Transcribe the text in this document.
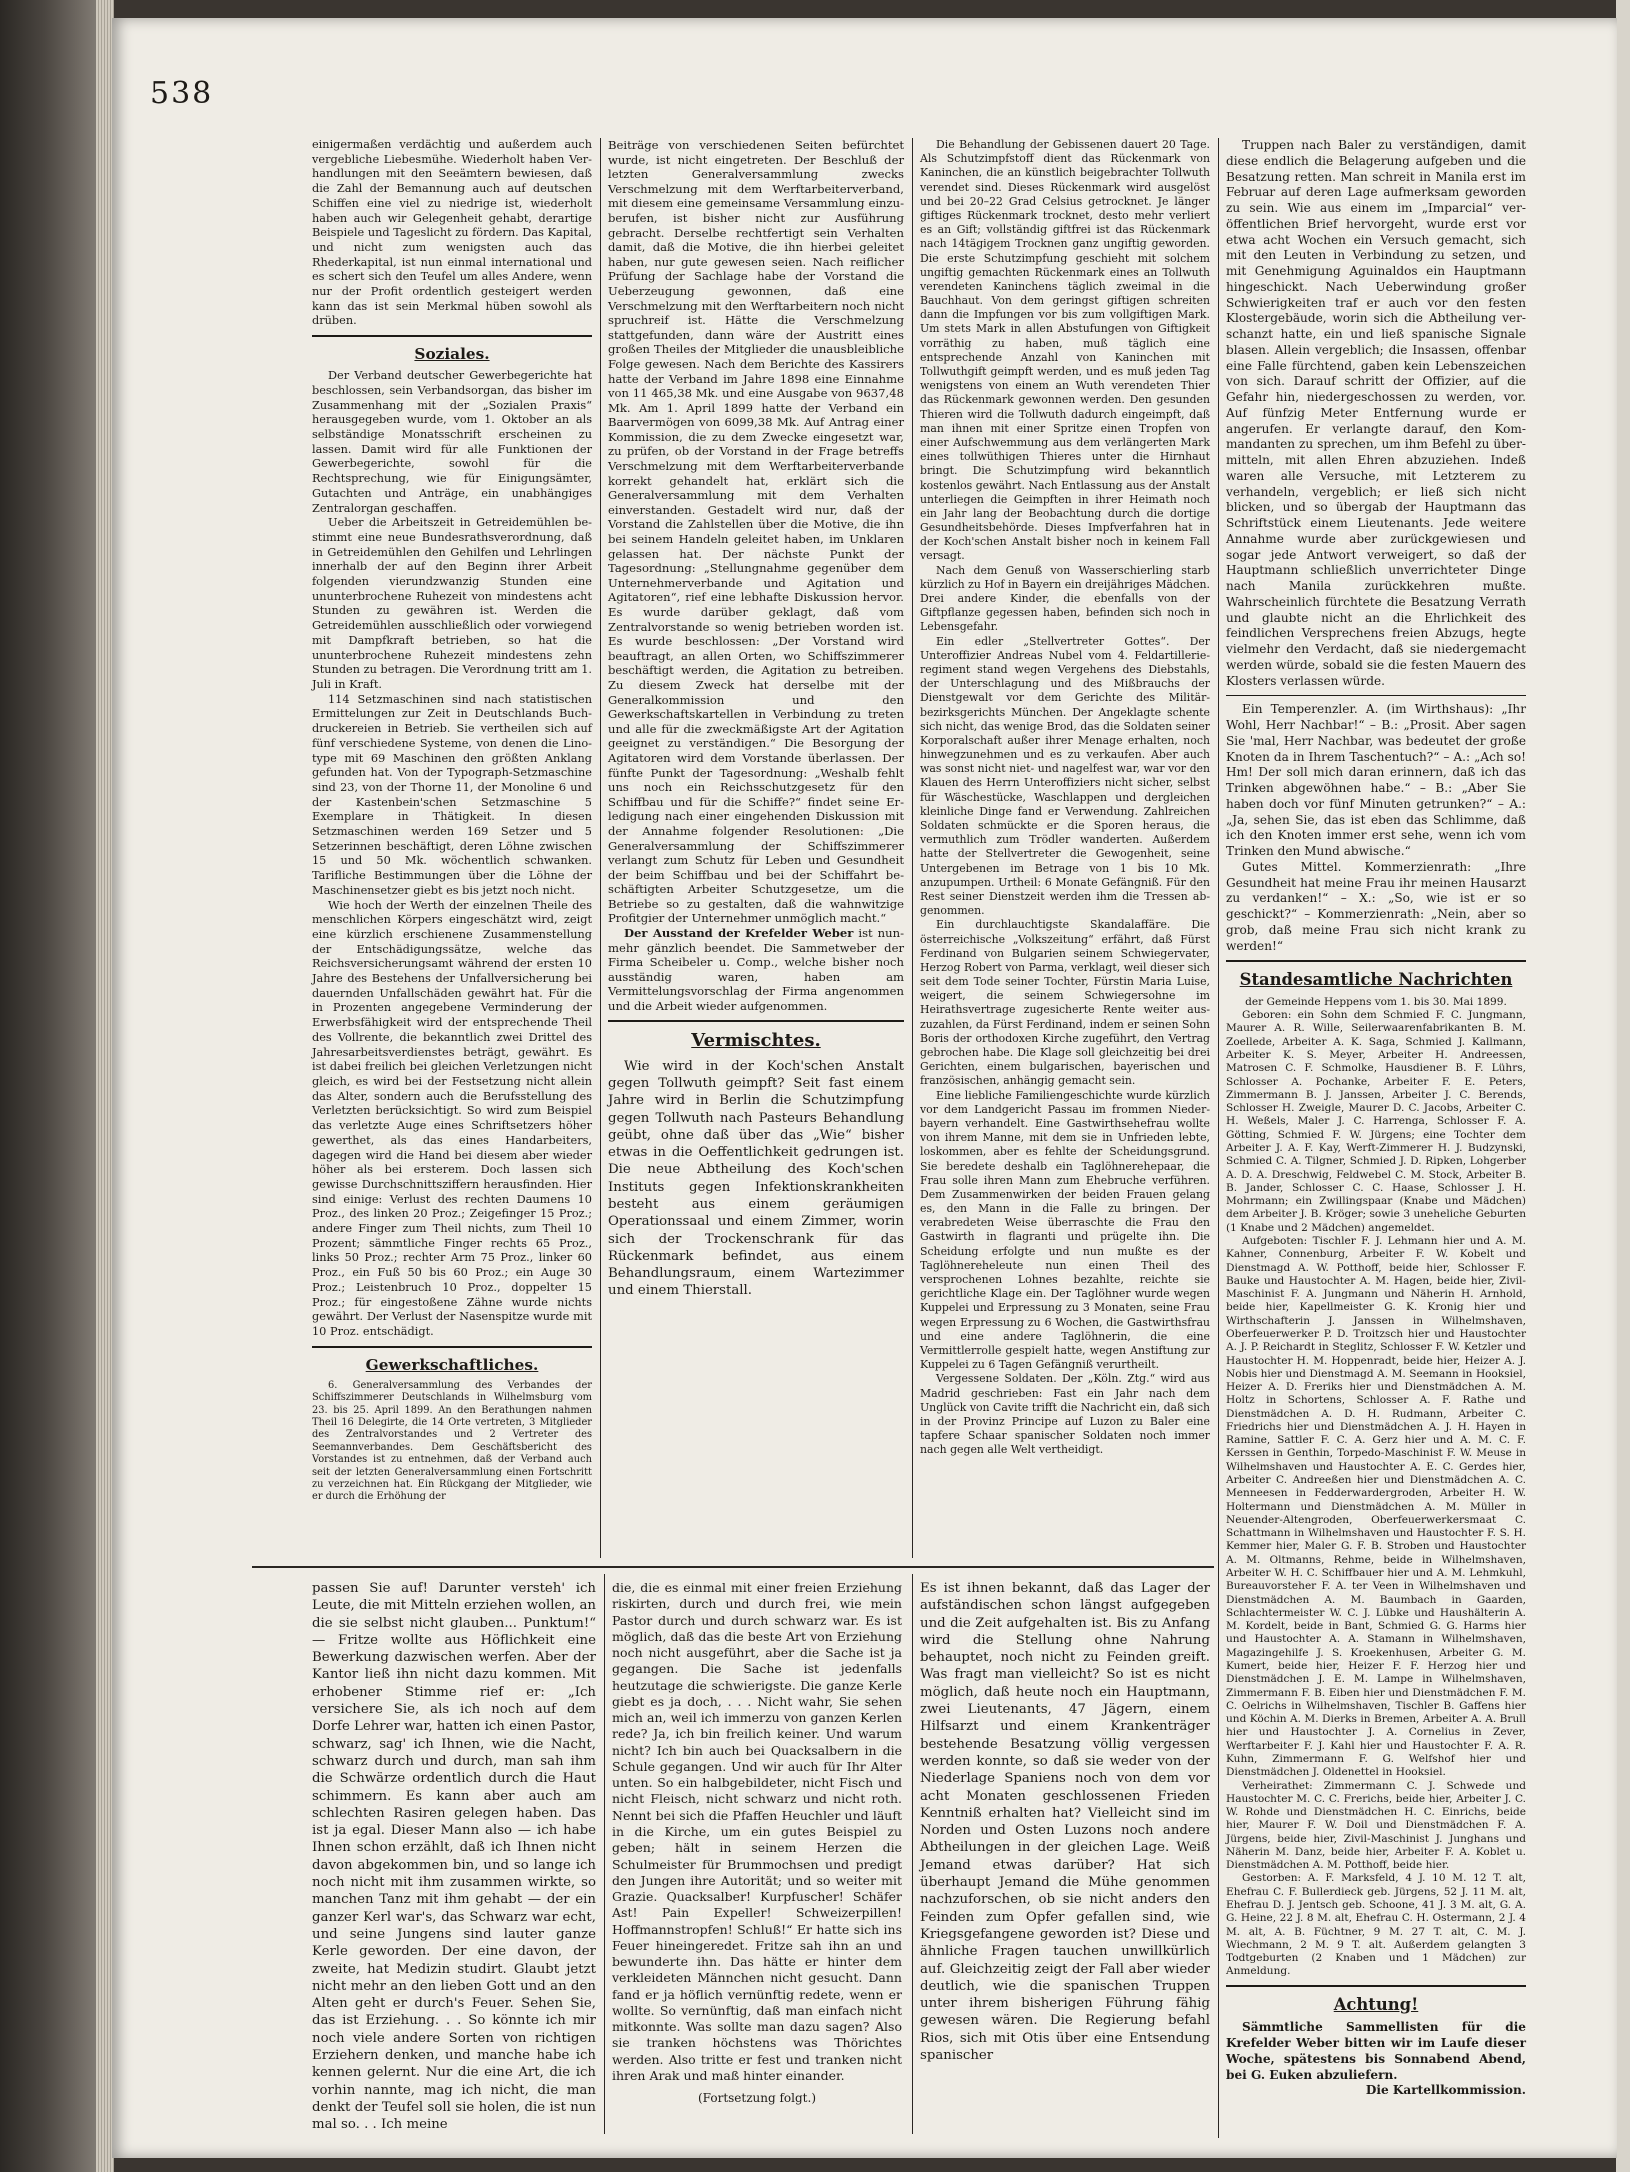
538

einigermaßen verdächtig und außerdem auch vergebliche Liebesmühe. Wiederholt haben Verhandlungen mit den Seeämtern bewiesen, daß die Zahl der Bemannung auch auf deutschen Schiffen eine viel zu niedrige ist, wiederholt haben auch wir Gelegenheit gehabt, derartige Beispiele und Tageslicht zu fördern. Das Kapital, und nicht zum wenigsten auch das Rhederkapital, ist nun einmal international und es schert sich den Teufel um alles Andere, wenn nur der Profit ordentlich gesteigert werden kann das ist sein Merkmal hüben sowohl als drüben.

Soziales.

Der Verband deutscher Gewerbegerichte hat beschlossen, sein Verbandsorgan, das bisher im Zusammenhang mit der „Sozialen Praxis“ herausgegeben wurde, vom 1. Oktober an als selbständige Monatsschrift erscheinen zu lassen. Damit wird für alle Funktionen der Gewerbegerichte, sowohl für die Rechtsprechung, wie für Einigungsämter, Gutachten und Anträge, ein unabhängiges Zentralorgan geschaffen.

Ueber die Arbeitszeit in Getreidemühlen bestimmt eine neue Bundesrathsverordnung, daß in Getreidemühlen den Gehilfen und Lehrlingen innerhalb der auf den Beginn ihrer Arbeit folgenden vierundzwanzig Stunden eine ununterbrochene Ruhezeit von mindestens acht Stunden zu gewähren ist. Werden die Getreidemühlen ausschließlich oder vorwiegend mit Dampfkraft betrieben, so hat die ununterbrochene Ruhezeit mindestens zehn Stunden zu betragen. Die Verordnung tritt am 1. Juli in Kraft.

114 Setzmaschinen sind nach statistischen Ermittelungen zur Zeit in Deutschlands Buchdruckereien in Betrieb. Sie vertheilen sich auf fünf verschiedene Systeme, von denen die Linotype mit 69 Maschinen den größten Anklang gefunden hat. Von der Typograph-Setzmaschine sind 23, von der Thorne 11, der Monoline 6 und der Kastenbein'schen Setzmaschine 5 Exemplare in Thätigkeit. In diesen Setzmaschinen werden 169 Setzer und 5 Setzerinnen beschäftigt, deren Löhne zwischen 15 und 50 Mk. wöchentlich schwanken. Tarifliche Bestimmungen über die Löhne der Maschinensetzer giebt es bis jetzt noch nicht.

Wie hoch der Werth der einzelnen Theile des menschlichen Körpers eingeschätzt wird, zeigt eine kürzlich erschienene Zusammenstellung der Entschädigungssätze, welche das Reichsversicherungsamt während der ersten 10 Jahre des Bestehens der Unfallversicherung bei dauernden Unfallschäden gewährt hat. Für die in Prozenten angegebene Verminderung der Erwerbsfähigkeit wird der entsprechende Theil des Vollrente, die bekanntlich zwei Drittel des Jahresarbeitsverdienstes beträgt, gewährt. Es ist dabei freilich bei gleichen Verletzungen nicht gleich, es wird bei der Festsetzung nicht allein das Alter, sondern auch die Berufsstellung des Verletzten berücksichtigt. So wird zum Beispiel das verletzte Auge eines Schriftsetzers höher gewerthet, als das eines Handarbeiters, dagegen wird die Hand bei diesem aber wieder höher als bei ersterem. Doch lassen sich gewisse Durchschnittsziffern herausfinden. Hier sind einige: Verlust des rechten Daumens 10 Proz., des linken 20 Proz.; Zeigefinger 15 Proz.; andere Finger zum Theil nichts, zum Theil 10 Prozent; sämmtliche Finger rechts 65 Proz., links 50 Proz.; rechter Arm 75 Proz., linker 60 Proz., ein Fuß 50 bis 60 Proz.; ein Auge 30 Proz.; Leistenbruch 10 Proz., doppelter 15 Proz.; für eingestoßene Zähne wurde nichts gewährt. Der Verlust der Nasenspitze wurde mit 10 Proz. entschädigt.

Gewerkschaftliches.

6. Generalversammlung des Verbandes der Schiffszimmerer Deutschlands in Wilhelmsburg vom 23. bis 25. April 1899. An den Berathungen nahmen Theil 16 Delegirte, die 14 Orte vertreten, 3 Mitglieder des Zentralvorstandes und 2 Vertreter des Seemannverbandes. Dem Geschäftsbericht des Vorstandes ist zu entnehmen, daß der Verband auch seit der letzten Generalversammlung einen Fortschritt zu verzeichnen hat. Ein Rückgang der Mitglieder, wie er durch die Erhöhung der

Beiträge von verschiedenen Seiten befürchtet wurde, ist nicht eingetreten. Der Beschluß der letzten Generalversammlung zwecks Verschmelzung mit dem Werftarbeiterverband, mit diesem eine gemeinsame Versammlung einzuberufen, ist bisher nicht zur Ausführung gebracht. Derselbe rechtfertigt sein Verhalten damit, daß die Motive, die ihn hierbei geleitet haben, nur gute gewesen seien. Nach reiflicher Prüfung der Sachlage habe der Vorstand die Ueberzeugung gewonnen, daß eine Verschmelzung mit den Werftarbeitern noch nicht spruchreif ist. Hätte die Verschmelzung stattgefunden, dann wäre der Austritt eines großen Theiles der Mitglieder die unausbleibliche Folge gewesen. Nach dem Berichte des Kassirers hatte der Verband im Jahre 1898 eine Einnahme von 11 465,38 Mk. und eine Ausgabe von 9637,48 Mk. Am 1. April 1899 hatte der Verband ein Baarvermögen von 6099,38 Mk. Auf Antrag einer Kommission, die zu dem Zwecke eingesetzt war, zu prüfen, ob der Vorstand in der Frage betreffs Verschmelzung mit dem Werftarbeiterverbande korrekt gehandelt hat, erklärt sich die Generalversammlung mit dem Verhalten einverstanden. Gestadelt wird nur, daß der Vorstand die Zahlstellen über die Motive, die ihn bei seinem Handeln geleitet haben, im Unklaren gelassen hat. Der nächste Punkt der Tagesordnung: „Stellungnahme gegenüber dem Unternehmerverbande und Agitation und Agitatoren“, rief eine lebhafte Diskussion hervor. Es wurde darüber geklagt, daß vom Zentralvorstande so wenig betrieben worden ist. Es wurde beschlossen: „Der Vorstand wird beauftragt, an allen Orten, wo Schiffszimmerer beschäftigt werden, die Agitation zu betreiben. Zu diesem Zweck hat derselbe mit der Generalkommission und den Gewerkschaftskartellen in Verbindung zu treten und alle für die zweckmäßigste Art der Agitation geeignet zu verständigen.“ Die Besorgung der Agitatoren wird dem Vorstande überlassen. Der fünfte Punkt der Tagesordnung: „Weshalb fehlt uns noch ein Reichsschutzgesetz für den Schiffbau und für die Schiffe?“ findet seine Erledigung nach einer eingehenden Diskussion mit der Annahme folgender Resolutionen: „Die Generalversammlung der Schiffszimmerer verlangt zum Schutz für Leben und Gesundheit der beim Schiffbau und bei der Schiffahrt beschäftigten Arbeiter Schutzgesetze, um die Betriebe so zu gestalten, daß die wahnwitzige Profitgier der Unternehmer unmöglich macht.“

Der Ausstand der Krefelder Weber ist nunmehr gänzlich beendet. Die Sammetweber der Firma Scheibeler u. Comp., welche bisher noch ausständig waren, haben am Vermittelungsvorschlag der Firma angenommen und die Arbeit wieder aufgenommen.

Vermischtes.

Wie wird in der Koch'schen Anstalt gegen Tollwuth geimpft? Seit fast einem Jahre wird in Berlin die Schutzimpfung gegen Tollwuth nach Pasteurs Behandlung geübt, ohne daß über das „Wie“ bisher etwas in die Oeffentlichkeit gedrungen ist. Die neue Abtheilung des Koch'schen Instituts gegen Infektionskrankheiten besteht aus einem geräumigen Operationssaal und einem Zimmer, worin sich der Trockenschrank für das Rückenmark befindet, aus einem Behandlungsraum, einem Wartezimmer und einem Thierstall.

Die Behandlung der Gebissenen dauert 20 Tage. Als Schutzimpfstoff dient das Rückenmark von Kaninchen, die an künstlich beigebrachter Tollwuth verendet sind. Dieses Rückenmark wird ausgelöst und bei 20–22 Grad Celsius getrocknet. Je länger giftiges Rückenmark trocknet, desto mehr verliert es an Gift; vollständig giftfrei ist das Rückenmark nach 14tägigem Trocknen ganz ungiftig geworden. Die erste Schutzimpfung geschieht mit solchem ungiftig gemachten Rückenmark eines an Tollwuth verendeten Kaninchens täglich zweimal in die Bauchhaut. Von dem geringst giftigen schreiten dann die Impfungen vor bis zum vollgiftigen Mark. Um stets Mark in allen Abstufungen von Giftigkeit vorräthig zu haben, muß täglich eine entsprechende Anzahl von Kaninchen mit Tollwuthgift geimpft werden, und es muß jeden Tag wenigstens von einem an Wuth verendeten Thier das Rückenmark gewonnen werden. Den gesunden Thieren wird die Tollwuth dadurch eingeimpft, daß man ihnen mit einer Spritze einen Tropfen von einer Aufschwemmung aus dem verlängerten Mark eines tollwüthigen Thieres unter die Hirnhaut bringt. Die Schutzimpfung wird bekanntlich kostenlos gewährt. Nach Entlassung aus der Anstalt unterliegen die Geimpften in ihrer Heimath noch ein Jahr lang der Beobachtung durch die dortige Gesundheitsbehörde. Dieses Impfverfahren hat in der Koch'schen Anstalt bisher noch in keinem Fall versagt.

Nach dem Genuß von Wasserschierling starb kürzlich zu Hof in Bayern ein dreijähriges Mädchen. Drei andere Kinder, die ebenfalls von der Giftpflanze gegessen haben, befinden sich noch in Lebensgefahr.

Ein edler „Stellvertreter Gottes“. Der Unteroffizier Andreas Nubel vom 4. Feldartillerieregiment stand wegen Vergehens des Diebstahls, der Unterschlagung und des Mißbrauchs der Dienstgewalt vor dem Gerichte des Militärbezirksgerichts München. Der Angeklagte schente sich nicht, das wenige Brod, das die Soldaten seiner Korporalschaft außer ihrer Menage erhalten, noch hinwegzunehmen und es zu verkaufen. Aber auch was sonst nicht niet- und nagelfest war, war vor den Klauen des Herrn Unteroffiziers nicht sicher, selbst für Wäschestücke, Waschlappen und dergleichen kleinliche Dinge fand er Verwendung. Zahlreichen Soldaten schmückte er die Sporen heraus, die vermuthlich zum Trödler wanderten. Außerdem hatte der Stellvertreter die Gewogenheit, seine Untergebenen im Betrage von 1 bis 10 Mk. anzupumpen. Urtheil: 6 Monate Gefängniß. Für den Rest seiner Dienstzeit werden ihm die Tressen abgenommen.

Ein durchlauchtigste Skandalaffäre. Die österreichische „Volkszeitung“ erfährt, daß Fürst Ferdinand von Bulgarien seinem Schwiegervater, Herzog Robert von Parma, verklagt, weil dieser sich seit dem Tode seiner Tochter, Fürstin Maria Luise, weigert, die seinem Schwiegersohne im Heirathsvertrage zugesicherte Rente weiter auszuzahlen, da Fürst Ferdinand, indem er seinen Sohn Boris der orthodoxen Kirche zugeführt, den Vertrag gebrochen habe. Die Klage soll gleichzeitig bei drei Gerichten, einem bulgarischen, bayerischen und französischen, anhängig gemacht sein.

Eine liebliche Familiengeschichte wurde kürzlich vor dem Landgericht Passau im frommen Niederbayern verhandelt. Eine Gastwirthsehefrau wollte von ihrem Manne, mit dem sie in Unfrieden lebte, loskommen, aber es fehlte der Scheidungsgrund. Sie beredete deshalb ein Taglöhnerehepaar, die Frau solle ihren Mann zum Ehebruche verführen. Dem Zusammenwirken der beiden Frauen gelang es, den Mann in die Falle zu bringen. Der verabredeten Weise überraschte die Frau den Gastwirth in flagranti und prügelte ihn. Die Scheidung erfolgte und nun mußte es der Taglöhnereheleute nun einen Theil des versprochenen Lohnes bezahlte, reichte sie gerichtliche Klage ein. Der Taglöhner wurde wegen Kuppelei und Erpressung zu 3 Monaten, seine Frau wegen Erpressung zu 6 Wochen, die Gastwirthsfrau und eine andere Taglöhnerin, die eine Vermittlerrolle gespielt hatte, wegen Anstiftung zur Kuppelei zu 6 Tagen Gefängniß verurtheilt.

Vergessene Soldaten. Der „Köln. Ztg.“ wird aus Madrid geschrieben: Fast ein Jahr nach dem Unglück von Cavite trifft die Nachricht ein, daß sich in der Provinz Principe auf Luzon zu Baler eine tapfere Schaar spanischer Soldaten noch immer nach gegen alle Welt vertheidigt.

Truppen nach Baler zu verständigen, damit diese endlich die Belagerung aufgeben und die Besatzung retten. Man schreit in Manila erst im Februar auf deren Lage aufmerksam geworden zu sein. Wie aus einem im „Imparcial“ veröffentlichen Brief hervorgeht, wurde erst vor etwa acht Wochen ein Versuch gemacht, sich mit den Leuten in Verbindung zu setzen, und mit Genehmigung Aguinaldos ein Hauptmann hingeschickt. Nach Ueberwindung großer Schwierigkeiten traf er auch vor den festen Klostergebäude, worin sich die Abtheilung verschanzt hatte, ein und ließ spanische Signale blasen. Allein vergeblich; die Insassen, offenbar eine Falle fürchtend, gaben kein Lebenszeichen von sich. Darauf schritt der Offizier, auf die Gefahr hin, niedergeschossen zu werden, vor. Auf fünfzig Meter Entfernung wurde er angerufen. Er verlangte darauf, den Kommandanten zu sprechen, um ihm Befehl zu übermitteln, mit allen Ehren abzuziehen. Indeß waren alle Versuche, mit Letzterem zu verhandeln, vergeblich; er ließ sich nicht blicken, und so übergab der Hauptmann das Schriftstück einem Lieutenants. Jede weitere Annahme wurde aber zurückgewiesen und sogar jede Antwort verweigert, so daß der Hauptmann schließlich unverrichteter Dinge nach Manila zurückkehren mußte. Wahrscheinlich fürchtete die Besatzung Verrath und glaubte nicht an die Ehrlichkeit des feindlichen Versprechens freien Abzugs, hegte vielmehr den Verdacht, daß sie niedergemacht werden würde, sobald sie die festen Mauern des Klosters verlassen würde.

Ein Temperenzler. A. (im Wirthshaus): „Ihr Wohl, Herr Nachbar!“ – B.: „Prosit. Aber sagen Sie 'mal, Herr Nachbar, was bedeutet der große Knoten da in Ihrem Taschentuch?“ – A.: „Ach so! Hm! Der soll mich daran erinnern, daß ich das Trinken abgewöhnen habe.“ – B.: „Aber Sie haben doch vor fünf Minuten getrunken?“ – A.: „Ja, sehen Sie, das ist eben das Schlimme, daß ich den Knoten immer erst sehe, wenn ich vom Trinken den Mund abwische.“

Gutes Mittel. Kommerzienrath: „Ihre Gesundheit hat meine Frau ihr meinen Hausarzt zu verdanken!“ – X.: „So, wie ist er so geschickt?“ – Kommerzienrath: „Nein, aber so grob, daß meine Frau sich nicht krank zu werden!“

Standesamtliche Nachrichten

der Gemeinde Heppens vom 1. bis 30. Mai 1899.

Geboren: ein Sohn dem Schmied F. C. Jungmann, Maurer A. R. Wille, Seilerwaarenfabrikanten B. M. Zoellede, Arbeiter A. K. Saga, Schmied J. Kallmann, Arbeiter K. S. Meyer, Arbeiter H. Andreessen, Matrosen C. F. Schmolke, Hausdiener B. F. Lührs, Schlosser A. Pochanke, Arbeiter F. E. Peters, Zimmermann B. J. Janssen, Arbeiter J. C. Berends, Schlosser H. Zweigle, Maurer D. C. Jacobs, Arbeiter C. H. Weßels, Maler J. C. Harrenga, Schlosser F. A. Götting, Schmied F. W. Jürgens; eine Tochter dem Arbeiter J. A. F. Kay, Werft-Zimmerer H. J. Budzynski, Schmied C. A. Tilgner, Schmied J. D. Ripken, Lohgerber A. D. A. Dreschwig, Feldwebel C. M. Stock, Arbeiter B. B. Jander, Schlosser C. C. Haase, Schlosser J. H. Mohrmann; ein Zwillingspaar (Knabe und Mädchen) dem Arbeiter J. B. Kröger; sowie 3 uneheliche Geburten (1 Knabe und 2 Mädchen) angemeldet.

Aufgeboten: Tischler F. J. Lehmann hier und A. M. Kahner, Connenburg, Arbeiter F. W. Kobelt und Dienstmagd A. W. Potthoff, beide hier, Schlosser F. Bauke und Haustochter A. M. Hagen, beide hier, Zivil-Maschinist F. A. Jungmann und Näherin H. Arnhold, beide hier, Kapellmeister G. K. Kronig hier und Wirthschafterin J. Janssen in Wilhelmshaven, Oberfeuerwerker P. D. Troitzsch hier und Haustochter A. J. P. Reichardt in Steglitz, Schlosser F. W. Ketzler und Haustochter H. M. Hoppenradt, beide hier, Heizer A. J. Nobis hier und Dienstmagd A. M. Seemann in Hooksiel, Heizer A. D. Freriks hier und Dienstmädchen A. M. Holtz in Schortens, Schlosser A. F. Rathe und Dienstmädchen A. D. H. Rudmann, Arbeiter C. Friedrichs hier und Dienstmädchen A. J. H. Hayen in Ramine, Sattler F. C. A. Gerz hier und A. M. C. F. Kerssen in Genthin, Torpedo-Maschinist F. W. Meuse in Wilhelmshaven und Haustochter A. E. C. Gerdes hier, Arbeiter C. Andreeßen hier und Dienstmädchen A. C. Menneesen in Fedderwardergroden, Arbeiter H. W. Holtermann und Dienstmädchen A. M. Müller in Neuender-Altengroden, Oberfeuerwerkersmaat C. Schattmann in Wilhelmshaven und Haustochter F. S. H. Kemmer hier, Maler G. F. B. Stroben und Haustochter A. M. Oltmanns, Rehme, beide in Wilhelmshaven, Arbeiter W. H. C. Schiffbauer hier und A. M. Lehmkuhl, Bureauvorsteher F. A. ter Veen in Wilhelmshaven und Dienstmädchen A. M. Baumbach in Gaarden, Schlachtermeister W. C. J. Lübke und Haushälterin A. M. Kordelt, beide in Bant, Schmied G. G. Harms hier und Haustochter A. A. Stamann in Wilhelmshaven, Magazingehilfe J. S. Kroekenhusen, Arbeiter G. M. Kumert, beide hier, Heizer F. F. Herzog hier und Dienstmädchen J. E. M. Lampe in Wilhelmshaven, Zimmermann F. B. Eiben hier und Dienstmädchen F. M. C. Oelrichs in Wilhelmshaven, Tischler B. Gaffens hier und Köchin A. M. Dierks in Bremen, Arbeiter A. A. Brull hier und Haustochter J. A. Cornelius in Zever, Werftarbeiter F. J. Kahl hier und Haustochter F. A. R. Kuhn, Zimmermann F. G. Welfshof hier und Dienstmädchen J. Oldenettel in Hooksiel.

Verheirathet: Zimmermann C. J. Schwede und Haustochter M. C. C. Frerichs, beide hier, Arbeiter J. C. W. Rohde und Dienstmädchen H. C. Einrichs, beide hier, Maurer F. W. Doil und Dienstmädchen F. A. Jürgens, beide hier, Zivil-Maschinist J. Junghans und Näherin M. Danz, beide hier, Arbeiter F. A. Koblet u. Dienstmädchen A. M. Potthoff, beide hier.

Gestorben: A. F. Marksfeld, 4 J. 10 M. 12 T. alt, Ehefrau C. F. Bullerdieck geb. Jürgens, 52 J. 11 M. alt, Ehefrau D. J. Jentsch geb. Schoone, 41 J. 3 M. alt, G. A. G. Heine, 22 J. 8 M. alt, Ehefrau C. H. Ostermann, 2 J. 4 M. alt, A. B. Füchtner, 9 M. 27 T. alt, C. M. J. Wiechmann, 2 M. 9 T. alt. Außerdem gelangten 3 Todtgeburten (2 Knaben und 1 Mädchen) zur Anmeldung.

Achtung!

Sämmtliche Sammellisten für die Krefelder Weber bitten wir im Laufe dieser Woche, spätestens bis Sonnabend Abend, bei G. Euken abzuliefern.

Die Kartellkommission.

passen Sie auf! Darunter versteh' ich Leute, die mit Mitteln erziehen wollen, an die sie selbst nicht glauben... Punktum!“ — Fritze wollte aus Höflichkeit eine Bewerkung dazwischen werfen. Aber der Kantor ließ ihn nicht dazu kommen. Mit erhobener Stimme rief er: „Ich versichere Sie, als ich noch auf dem Dorfe Lehrer war, hatten ich einen Pastor, schwarz, sag' ich Ihnen, wie die Nacht, schwarz durch und durch, man sah ihm die Schwärze ordentlich durch die Haut schimmern. Es kann aber auch am schlechten Rasiren gelegen haben. Das ist ja egal. Dieser Mann also — ich habe Ihnen schon erzählt, daß ich Ihnen nicht davon abgekommen bin, und so lange ich noch nicht mit ihm zusammen wirkte, so manchen Tanz mit ihm gehabt — der ein ganzer Kerl war's, das Schwarz war echt, und seine Jungens sind lauter ganze Kerle geworden. Der eine davon, der zweite, hat Medizin studirt. Glaubt jetzt nicht mehr an den lieben Gott und an den Alten geht er durch's Feuer. Sehen Sie, das ist Erziehung. . . So könnte ich mir noch viele andere Sorten von richtigen Erziehern denken, und manche habe ich kennen gelernt. Nur die eine Art, die ich vorhin nannte, mag ich nicht, die man denkt der Teufel soll sie holen, die ist nun mal so. . . Ich meine

die, die es einmal mit einer freien Erziehung riskirten, durch und durch frei, wie mein Pastor durch und durch schwarz war. Es ist möglich, daß das die beste Art von Erziehung noch nicht ausgeführt, aber die Sache ist ja gegangen. Die Sache ist jedenfalls heutzutage die schwierigste. Die ganze Kerle giebt es ja doch, . . . Nicht wahr, Sie sehen mich an, weil ich immerzu von ganzen Kerlen rede? Ja, ich bin freilich keiner. Und warum nicht? Ich bin auch bei Quacksalbern in die Schule gegangen. Und wir auch für Ihr Alter unten. So ein halbgebildeter, nicht Fisch und nicht Fleisch, nicht schwarz und nicht roth. Nennt bei sich die Pfaffen Heuchler und läuft in die Kirche, um ein gutes Beispiel zu geben; hält in seinem Herzen die Schulmeister für Brummochsen und predigt den Jungen ihre Autorität; und so weiter mit Grazie. Quacksalber! Kurpfuscher! Schäfer Ast! Pain Expeller! Schweizerpillen! Hoffmannstropfen! Schluß!“ Er hatte sich ins Feuer hineingeredet. Fritze sah ihn an und bewunderte ihn. Das hätte er hinter dem verkleideten Männchen nicht gesucht. Dann fand er ja höflich vernünftig redete, wenn er wollte. So vernünftig, daß man einfach nicht mitkonnte. Was sollte man dazu sagen? Also sie tranken höchstens was Thörichtes werden. Also tritte er fest und tranken nicht ihren Arak und maß hinter einander.

(Fortsetzung folgt.)

Es ist ihnen bekannt, daß das Lager der aufständischen schon längst aufgegeben und die Zeit aufgehalten ist. Bis zu Anfang wird die Stellung ohne Nahrung behauptet, noch nicht zu Feinden greift. Was fragt man vielleicht? So ist es nicht möglich, daß heute noch ein Hauptmann, zwei Lieutenants, 47 Jägern, einem Hilfsarzt und einem Krankenträger bestehende Besatzung völlig vergessen werden konnte, so daß sie weder von der Niederlage Spaniens noch von dem vor acht Monaten geschlossenen Frieden Kenntniß erhalten hat? Vielleicht sind im Norden und Osten Luzons noch andere Abtheilungen in der gleichen Lage. Weiß Jemand etwas darüber? Hat sich überhaupt Jemand die Mühe genommen nachzuforschen, ob sie nicht anders den Feinden zum Opfer gefallen sind, wie Kriegsgefangene geworden ist? Diese und ähnliche Fragen tauchen unwillkürlich auf. Gleichzeitig zeigt der Fall aber wieder deutlich, wie die spanischen Truppen unter ihrem bisherigen Führung fähig gewesen wären. Die Regierung befahl Rios, sich mit Otis über eine Entsendung spanischer
